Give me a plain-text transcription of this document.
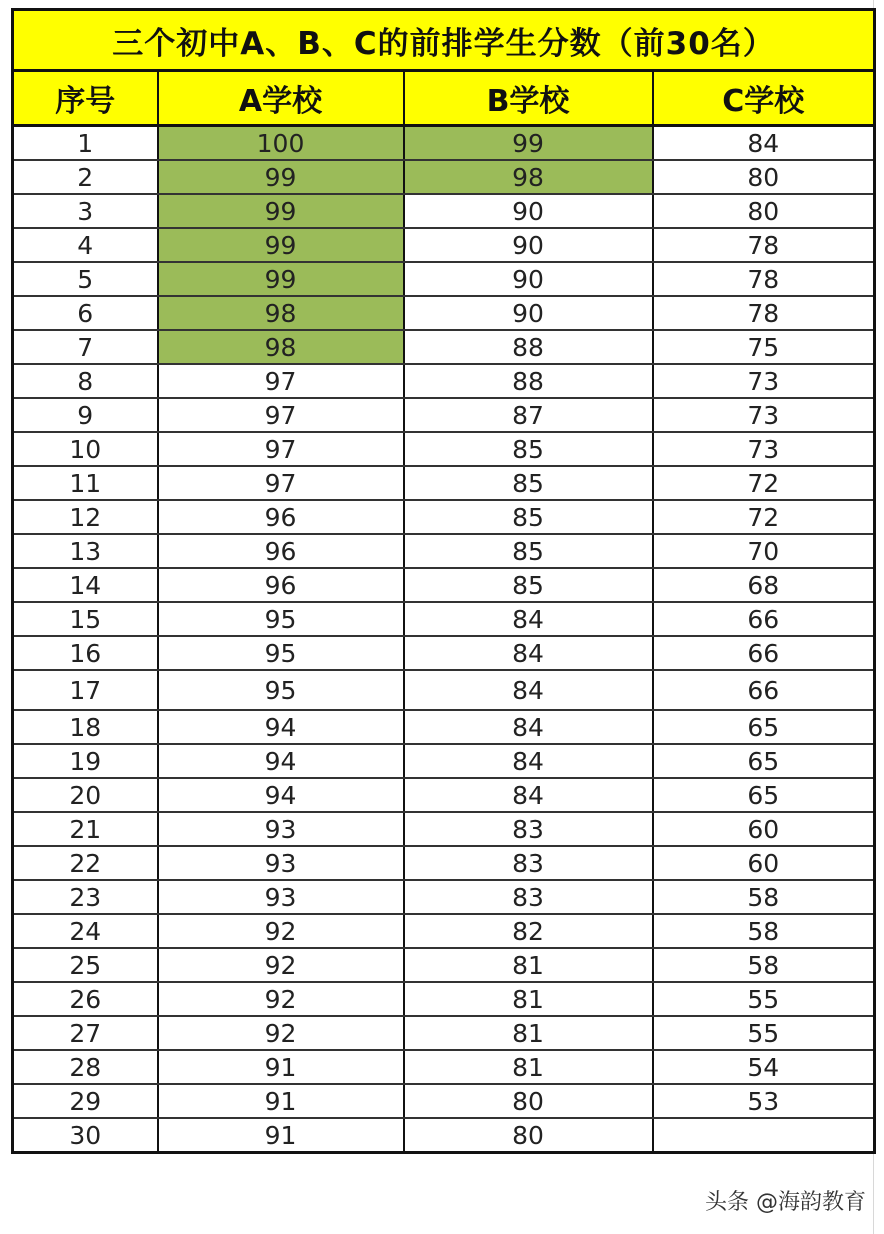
三个初中A、B、C的前排学生分数（前30名）			
序号	A学校	B学校	C学校
1	100	99	84
2	99	98	80
3	99	90	80
4	99	90	78
5	99	90	78
6	98	90	78
7	98	88	75
8	97	88	73
9	97	87	73
10	97	85	73
11	97	85	72
12	96	85	72
13	96	85	70
14	96	85	68
15	95	84	66
16	95	84	66
17	95	84	66
18	94	84	65
19	94	84	65
20	94	84	65
21	93	83	60
22	93	83	60
23	93	83	58
24	92	82	58
25	92	81	58
26	92	81	55
27	92	81	55
28	91	81	54
29	91	80	53
30	91	80	
头条 @海韵教育
